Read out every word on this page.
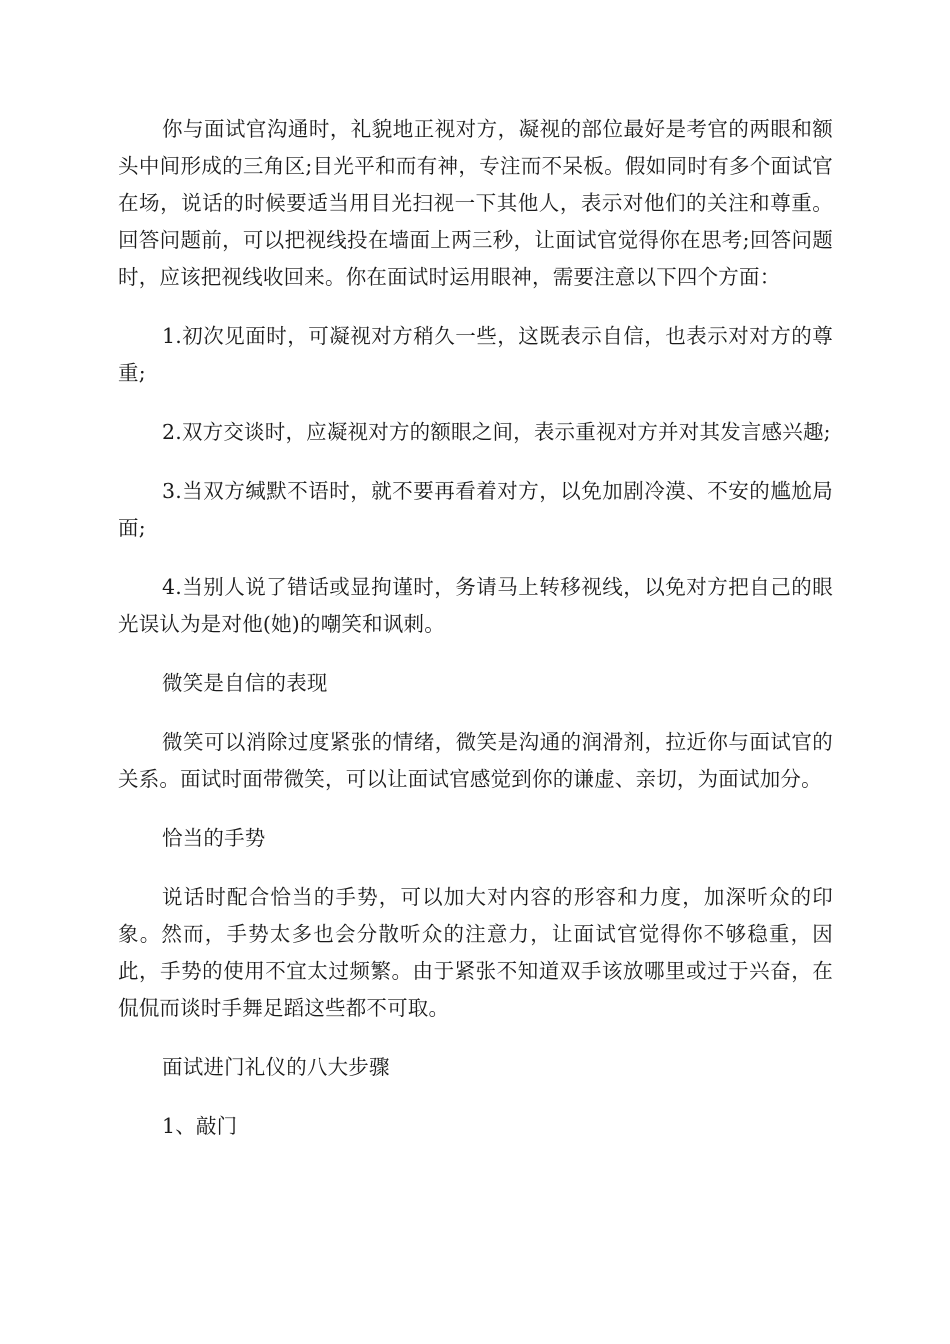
你与面试官沟通时，礼貌地正视对方，凝视的部位最好是考官的两眼和额头中间形成的三角区;目光平和而有神，专注而不呆板。假如同时有多个面试官在场，说话的时候要适当用目光扫视一下其他人，表示对他们的关注和尊重。回答问题前，可以把视线投在墙面上两三秒，让面试官觉得你在思考;回答问题时，应该把视线收回来。你在面试时运用眼神，需要注意以下四个方面：

1.初次见面时，可凝视对方稍久一些，这既表示自信，也表示对对方的尊重;

2.双方交谈时，应凝视对方的额眼之间，表示重视对方并对其发言感兴趣;

3.当双方缄默不语时，就不要再看着对方，以免加剧冷漠、不安的尴尬局面;

4.当别人说了错话或显拘谨时，务请马上转移视线，以免对方把自己的眼光误认为是对他(她)的嘲笑和讽刺。

微笑是自信的表现

微笑可以消除过度紧张的情绪，微笑是沟通的润滑剂，拉近你与面试官的关系。面试时面带微笑，可以让面试官感觉到你的谦虚、亲切，为面试加分。

恰当的手势

说话时配合恰当的手势，可以加大对内容的形容和力度，加深听众的印象。然而，手势太多也会分散听众的注意力，让面试官觉得你不够稳重，因此，手势的使用不宜太过频繁。由于紧张不知道双手该放哪里或过于兴奋，在侃侃而谈时手舞足蹈这些都不可取。

面试进门礼仪的八大步骤

1、敲门
